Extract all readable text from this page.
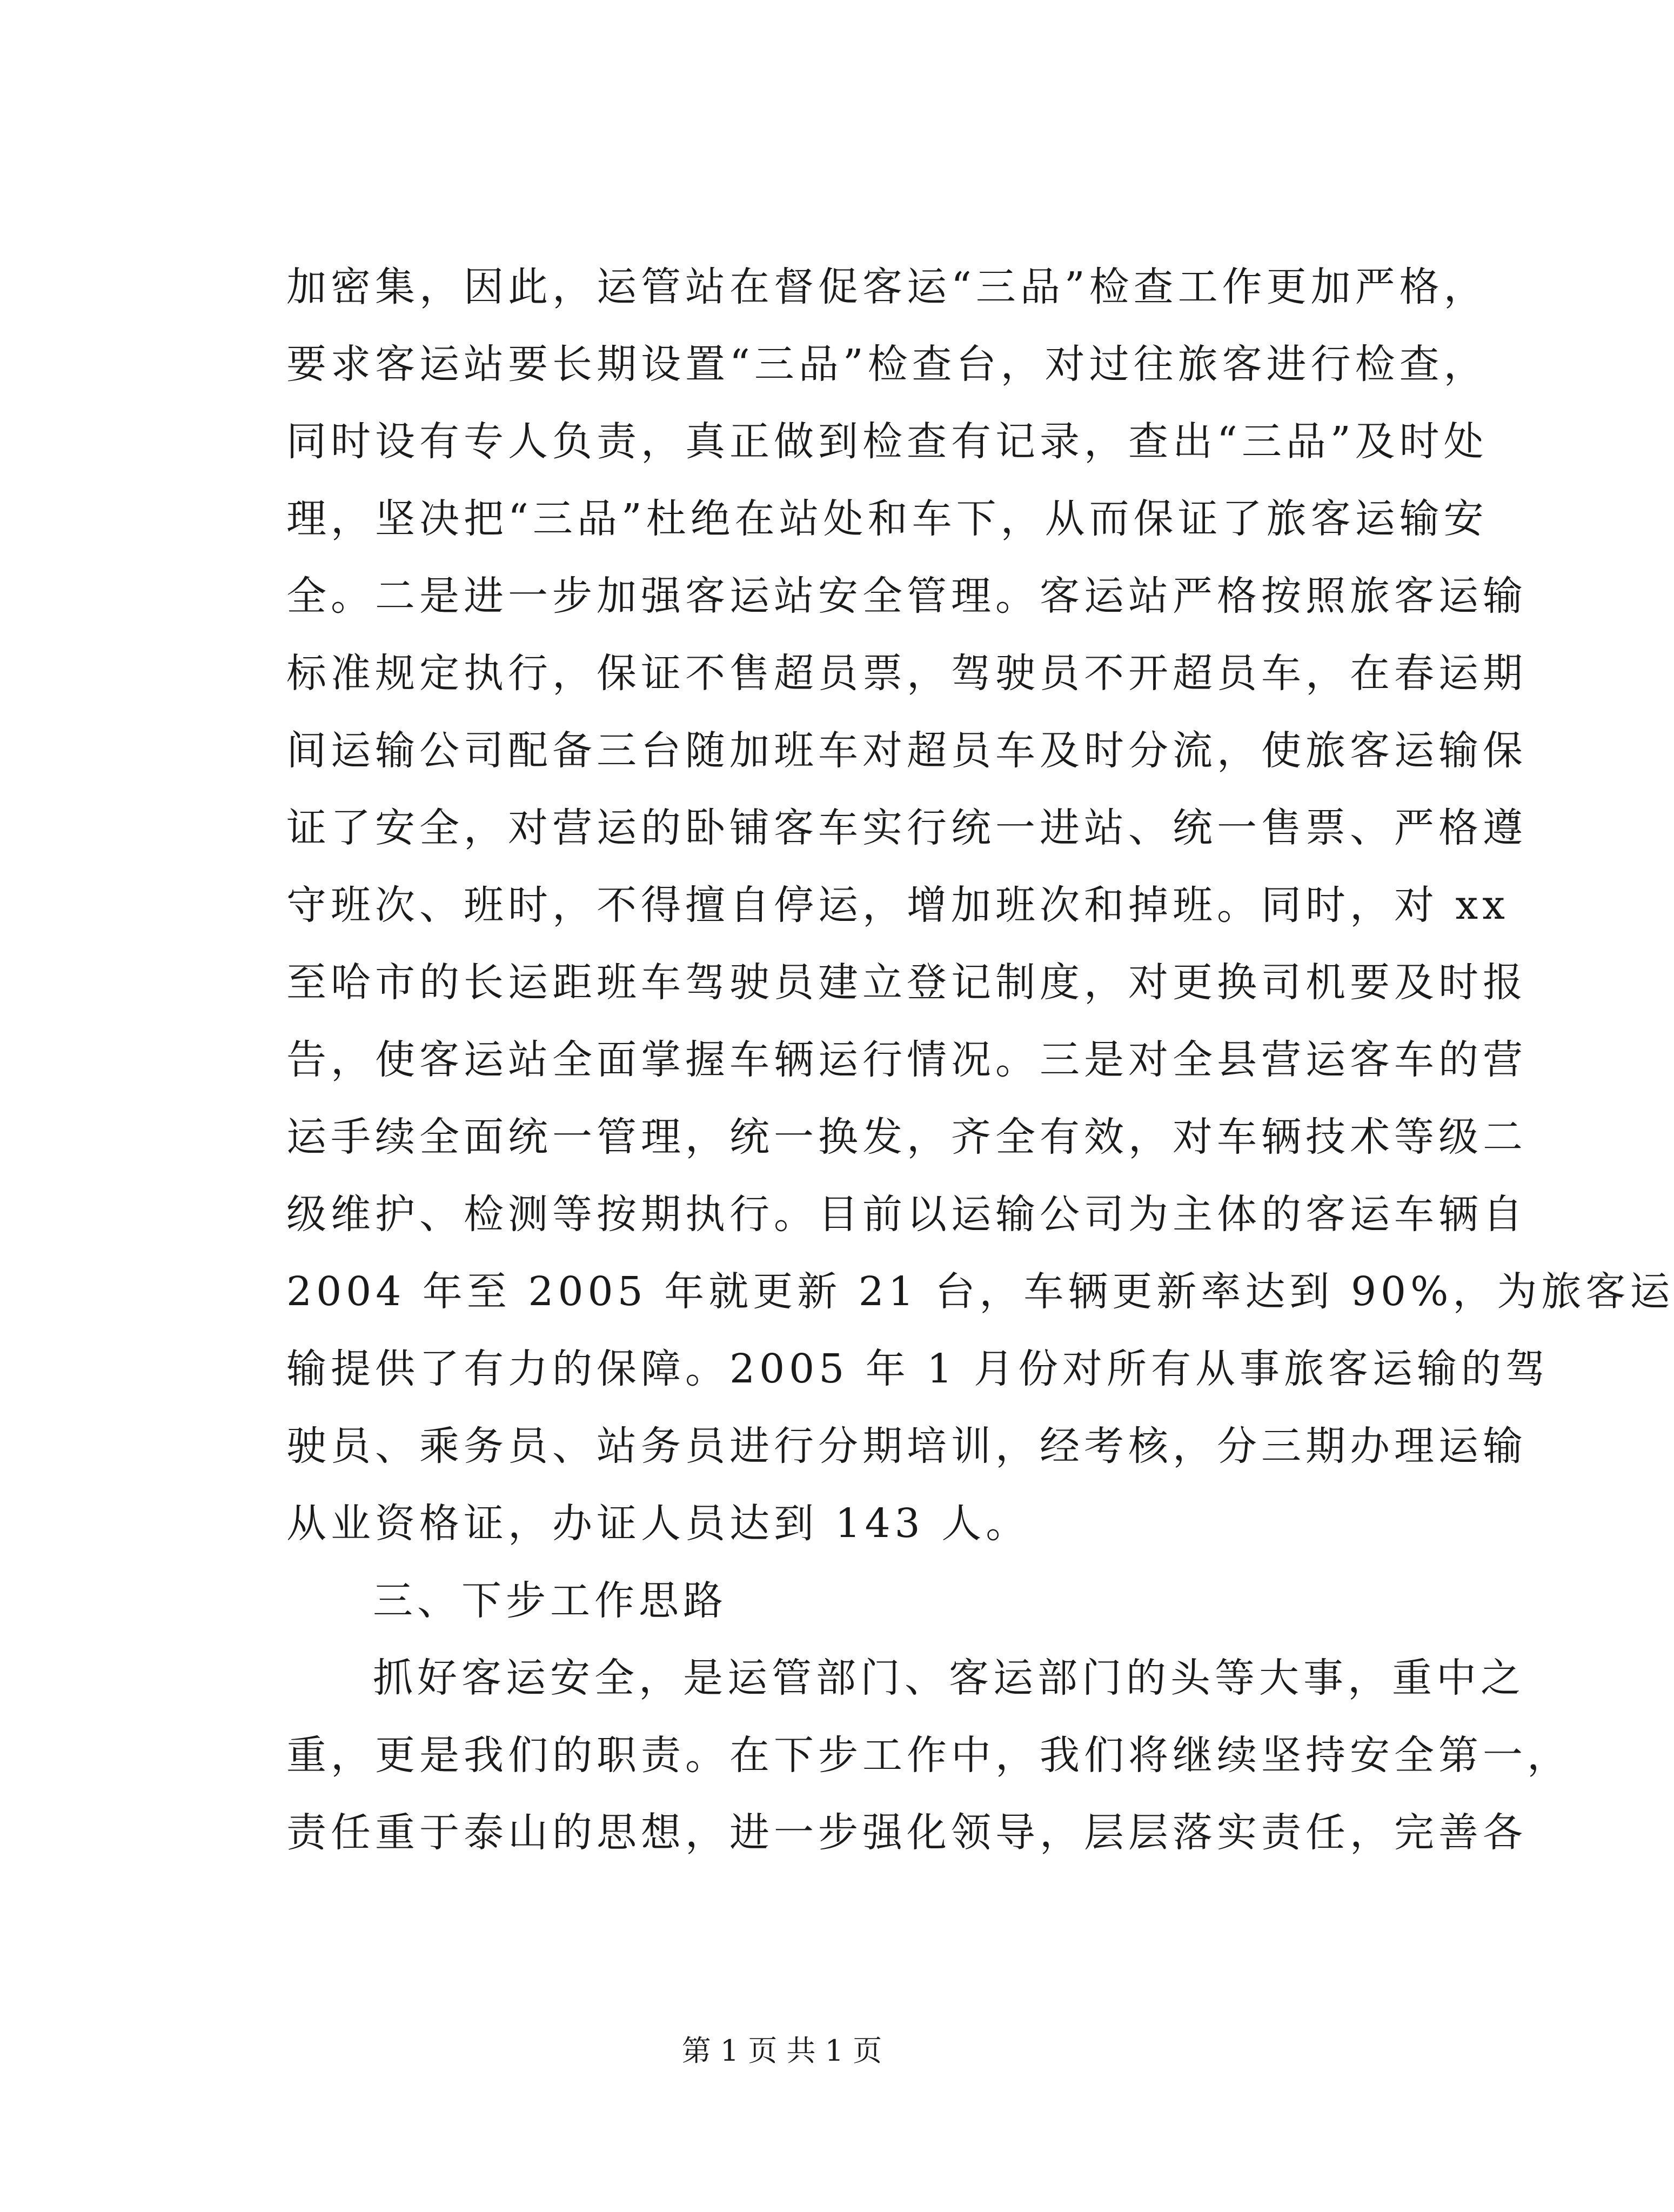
加密集，因此，运管站在督促客运“三品”检查工作更加严格，
要求客运站要长期设置“三品”检查台，对过往旅客进行检查，
同时设有专人负责，真正做到检查有记录，查出“三品”及时处
理，坚决把“三品”杜绝在站处和车下，从而保证了旅客运输安
全。二是进一步加强客运站安全管理。客运站严格按照旅客运输
标准规定执行，保证不售超员票，驾驶员不开超员车，在春运期
间运输公司配备三台随加班车对超员车及时分流，使旅客运输保
证了安全，对营运的卧铺客车实行统一进站、统一售票、严格遵
守班次、班时，不得擅自停运，增加班次和掉班。同时，对 xx
至哈市的长运距班车驾驶员建立登记制度，对更换司机要及时报
告，使客运站全面掌握车辆运行情况。三是对全县营运客车的营
运手续全面统一管理，统一换发，齐全有效，对车辆技术等级二
级维护、检测等按期执行。目前以运输公司为主体的客运车辆自
2004 年至 2005 年就更新 21 台，车辆更新率达到 90%，为旅客运
输提供了有力的保障。2005 年 1 月份对所有从事旅客运输的驾
驶员、乘务员、站务员进行分期培训，经考核，分三期办理运输
从业资格证，办证人员达到 143 人。
三、下步工作思路
抓好客运安全，是运管部门、客运部门的头等大事，重中之
重，更是我们的职责。在下步工作中，我们将继续坚持安全第一，
责任重于泰山的思想，进一步强化领导，层层落实责任，完善各
第 1 页 共 1 页
